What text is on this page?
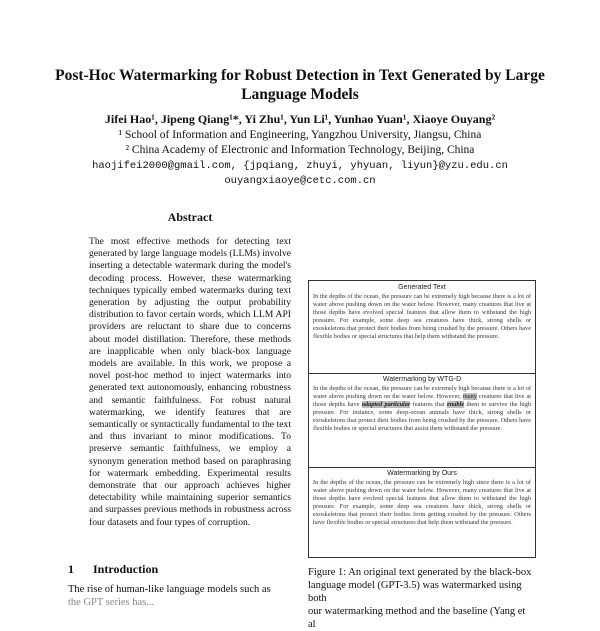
Post-Hoc Watermarking for Robust Detection in Text Generated by Large Language Models
Jifei Hao¹, Jipeng Qiang¹*, Yi Zhu¹, Yun Li¹, Yunhao Yuan¹, Xiaoye Ouyang²
¹ School of Information and Engineering, Yangzhou University, Jiangsu, China
² China Academy of Electronic and Information Technology, Beijing, China
haojifei2000@gmail.com, {jpqiang, zhuyi, yhyuan, liyun}@yzu.edu.cn
ouyangxiaoye@cetc.com.cn
Abstract
The most effective methods for detecting text generated by large language models (LLMs) involve inserting a detectable watermark during the model's decoding process. However, these watermarking techniques typically embed watermarks during text generation by adjusting the output probability distribution to favor certain words, which LLM API providers are reluctant to share due to concerns about model distillation. Therefore, these methods are inapplicable when only black-box language models are available. In this work, we propose a novel post-hoc method to inject watermarks into generated text autonomously, enhancing robustness and semantic faithfulness. For robust natural watermarking, we identify features that are semantically or syntactically fundamental to the text and thus invariant to minor modifications. To preserve semantic faithfulness, we employ a synonym generation method based on paraphrasing for watermark embedding. Experimental results demonstrate that our approach achieves higher detectability while maintaining superior semantics and surpasses previous methods in robustness across four datasets and four types of corruption.
1 Introduction
The rise of human-like language models such as
the GPT series has...
Generated Text
In the depths of the ocean, the pressure can be extremely high because there is a lot of water above pushing down on the water below. However, many creatures that live at those depths have evolved special features that allow them to withstand the high pressure. For example, some deep sea creatures have thick, strong shells or exoskeletons that protect their bodies from being crushed by the pressure. Others have flexible bodies or special structures that help them withstand the pressure.
Watermarking by WTG-D
In the depths of the ocean, the pressure can be extremely high because there is a lot of water above pushing down on the water below. However, many creatures that live at those depths have adapted particular features that enable them to survive the high pressure. For instance, some deep-ocean animals have thick, strong shells or exoskeletons that protect their bodies from being crushed by the pressure. Others have flexible bodies or special structures that assist them withstand the pressure.
Watermarking by Ours
In the depths of the ocean, the pressure can be extremely high since there is a lot of water above pushing down on the water below. However, many creatures that live at those depths have evolved special features that allow them to withstand the high pressure. For example, some deep sea creatures have thick, strong shells or exoskeletons that protect their bodies from getting crushed by the pressure. Others have flexible bodies or special structures that help them withstand the pressure.
Figure 1: An original text generated by the black-box
language model (GPT-3.5) was watermarked using both
our watermarking method and the baseline (Yang et al
